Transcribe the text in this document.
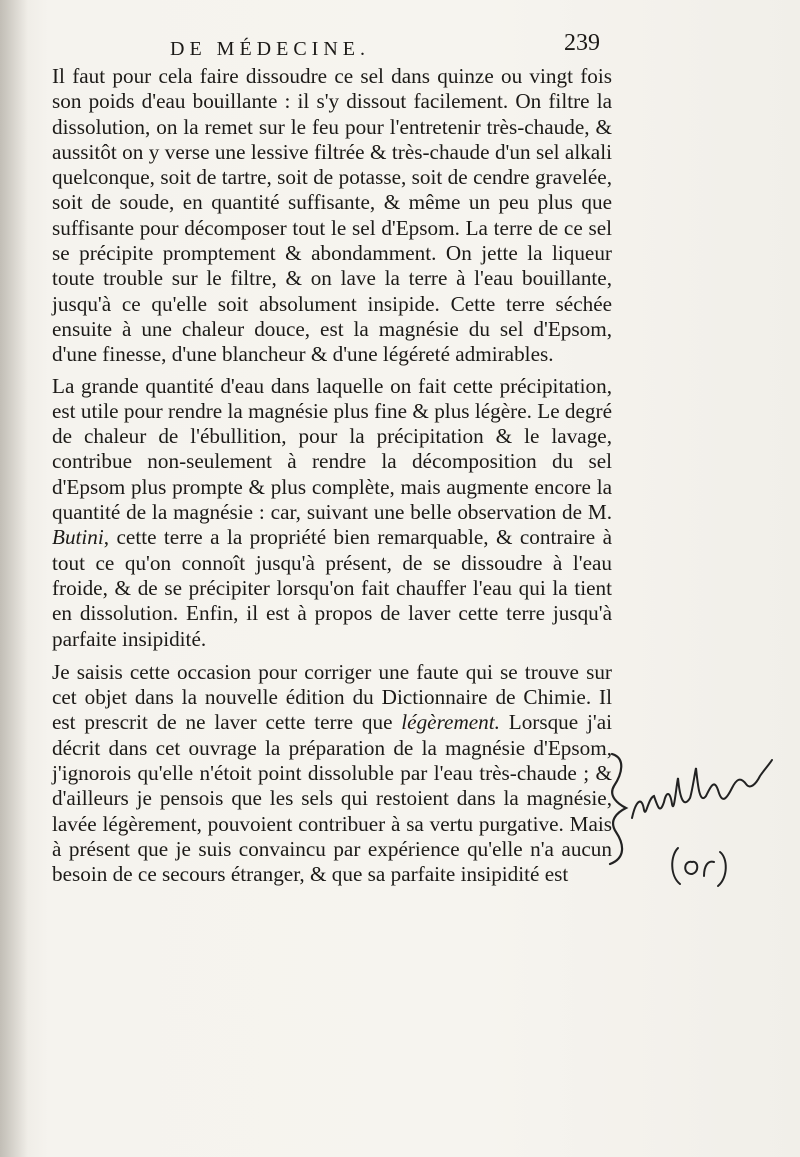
DE MÉDECINE.	239

Il faut pour cela faire dissoudre ce sel dans quinze ou vingt fois son poids d'eau bouillante : il s'y dissout facilement. On filtre la dissolution, on la remet sur le feu pour l'entretenir très-chaude, & aussitôt on y verse une lessive filtrée & très-chaude d'un sel alkali quelconque, soit de tartre, soit de potasse, soit de cendre gravelée, soit de soude, en quantité suffisante, & même un peu plus que suffisante pour décomposer tout le sel d'Epsom. La terre de ce sel se précipite promptement & abondamment. On jette la liqueur toute trouble sur le filtre, & on lave la terre à l'eau bouillante, jusqu'à ce qu'elle soit absolument insipide. Cette terre séchée ensuite à une chaleur douce, est la magnésie du sel d'Epsom, d'une finesse, d'une blancheur & d'une légéreté admirables.

La grande quantité d'eau dans laquelle on fait cette précipitation, est utile pour rendre la magnésie plus fine & plus légère. Le degré de chaleur de l'ébullition, pour la précipitation & le lavage, contribue non-seulement à rendre la décomposition du sel d'Epsom plus prompte & plus complète, mais augmente encore la quantité de la magnésie : car, suivant une belle observation de M. Butini, cette terre a la propriété bien remarquable, & contraire à tout ce qu'on connoît jusqu'à présent, de se dissoudre à l'eau froide, & de se précipiter lorsqu'on fait chauffer l'eau qui la tient en dissolution. Enfin, il est à propos de laver cette terre jusqu'à parfaite insipidité.

Je saisis cette occasion pour corriger une faute qui se trouve sur cet objet dans la nouvelle édition du Dictionnaire de Chimie. Il est prescrit de ne laver cette terre que légèrement. Lorsque j'ai décrit dans cet ouvrage la préparation de la magnésie d'Epsom, j'ignorois qu'elle n'étoit point dissoluble par l'eau très-chaude ; & d'ailleurs je pensois que les sels qui restoient dans la magnésie, lavée légèrement, pouvoient contribuer à sa vertu purgative. Mais à présent que je suis convaincu par expérience qu'elle n'a aucun besoin de ce secours étranger, & que sa parfaite insipidité est
